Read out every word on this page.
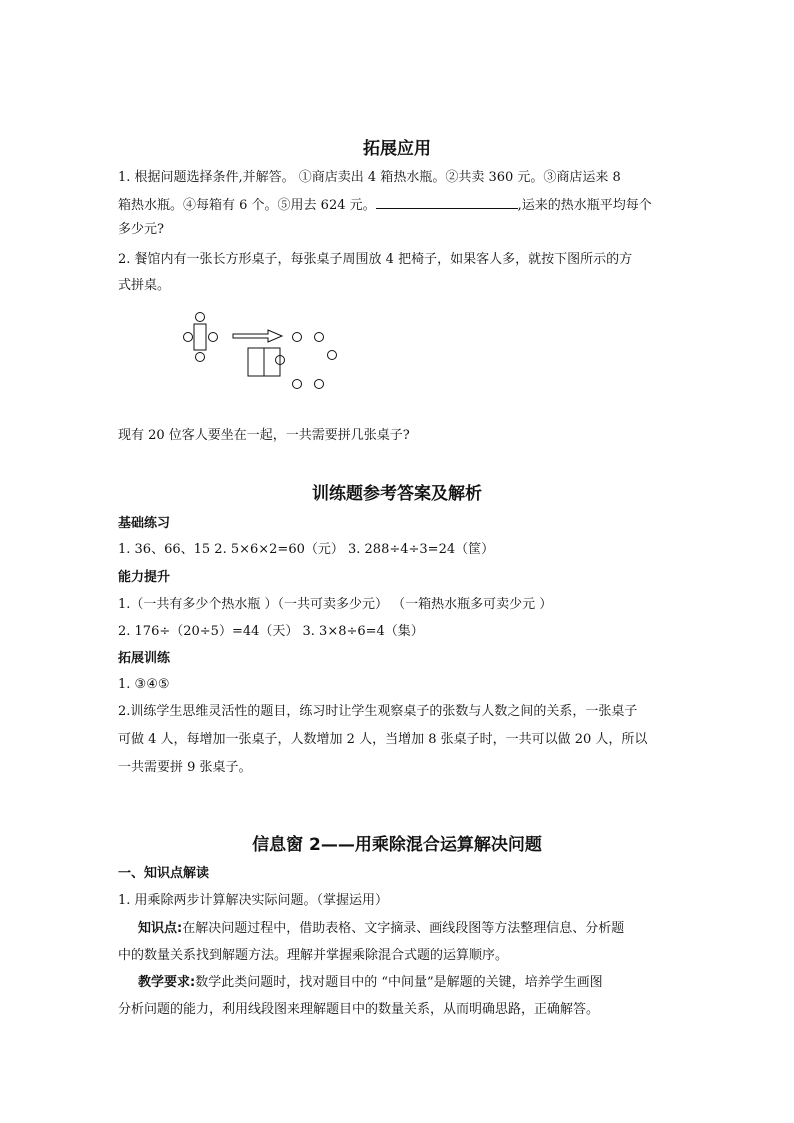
拓展应用
1. 根据问题选择条件,并解答。 ①商店卖出 4 箱热水瓶。②共卖 360 元。③商店运来 8
箱热水瓶。④每箱有 6 个。⑤用去 624 元。	,运来的热水瓶平均每个
多少元?
2. 餐馆内有一张长方形桌子，每张桌子周围放 4 把椅子，如果客人多，就按下图所示的方
式拼桌。
现有 20 位客人要坐在一起，一共需要拼几张桌子?
训练题参考答案及解析
基础练习
1. 36、66、15 2. 5×6×2=60（元） 3. 288÷4÷3=24（筐）
能力提升
1.（一共有多少个热水瓶 ）（一共可卖多少元） （一箱热水瓶多可卖少元 ）
2. 176÷（20÷5）=44（天） 3. 3×8÷6=4（集）
拓展训练
1. ③④⑤
2.训练学生思维灵活性的题目，练习时让学生观察桌子的张数与人数之间的关系，一张桌子
可做 4 人，每增加一张桌子，人数增加 2 人，当增加 8 张桌子时，一共可以做 20 人，所以
一共需要拼 9 张桌子。
信息窗 2——用乘除混合运算解决问题
一、知识点解读
1. 用乘除两步计算解决实际问题。（掌握运用）
知识点:在解决问题过程中，借助表格、文字摘录、画线段图等方法整理信息、分析题
中的数量关系找到解题方法。理解并掌握乘除混合式题的运算顺序。
教学要求:数学此类问题时，找对题目中的 “中间量”是解题的关键，培养学生画图
分析问题的能力，利用线段图来理解题目中的数量关系，从而明确思路，正确解答。
